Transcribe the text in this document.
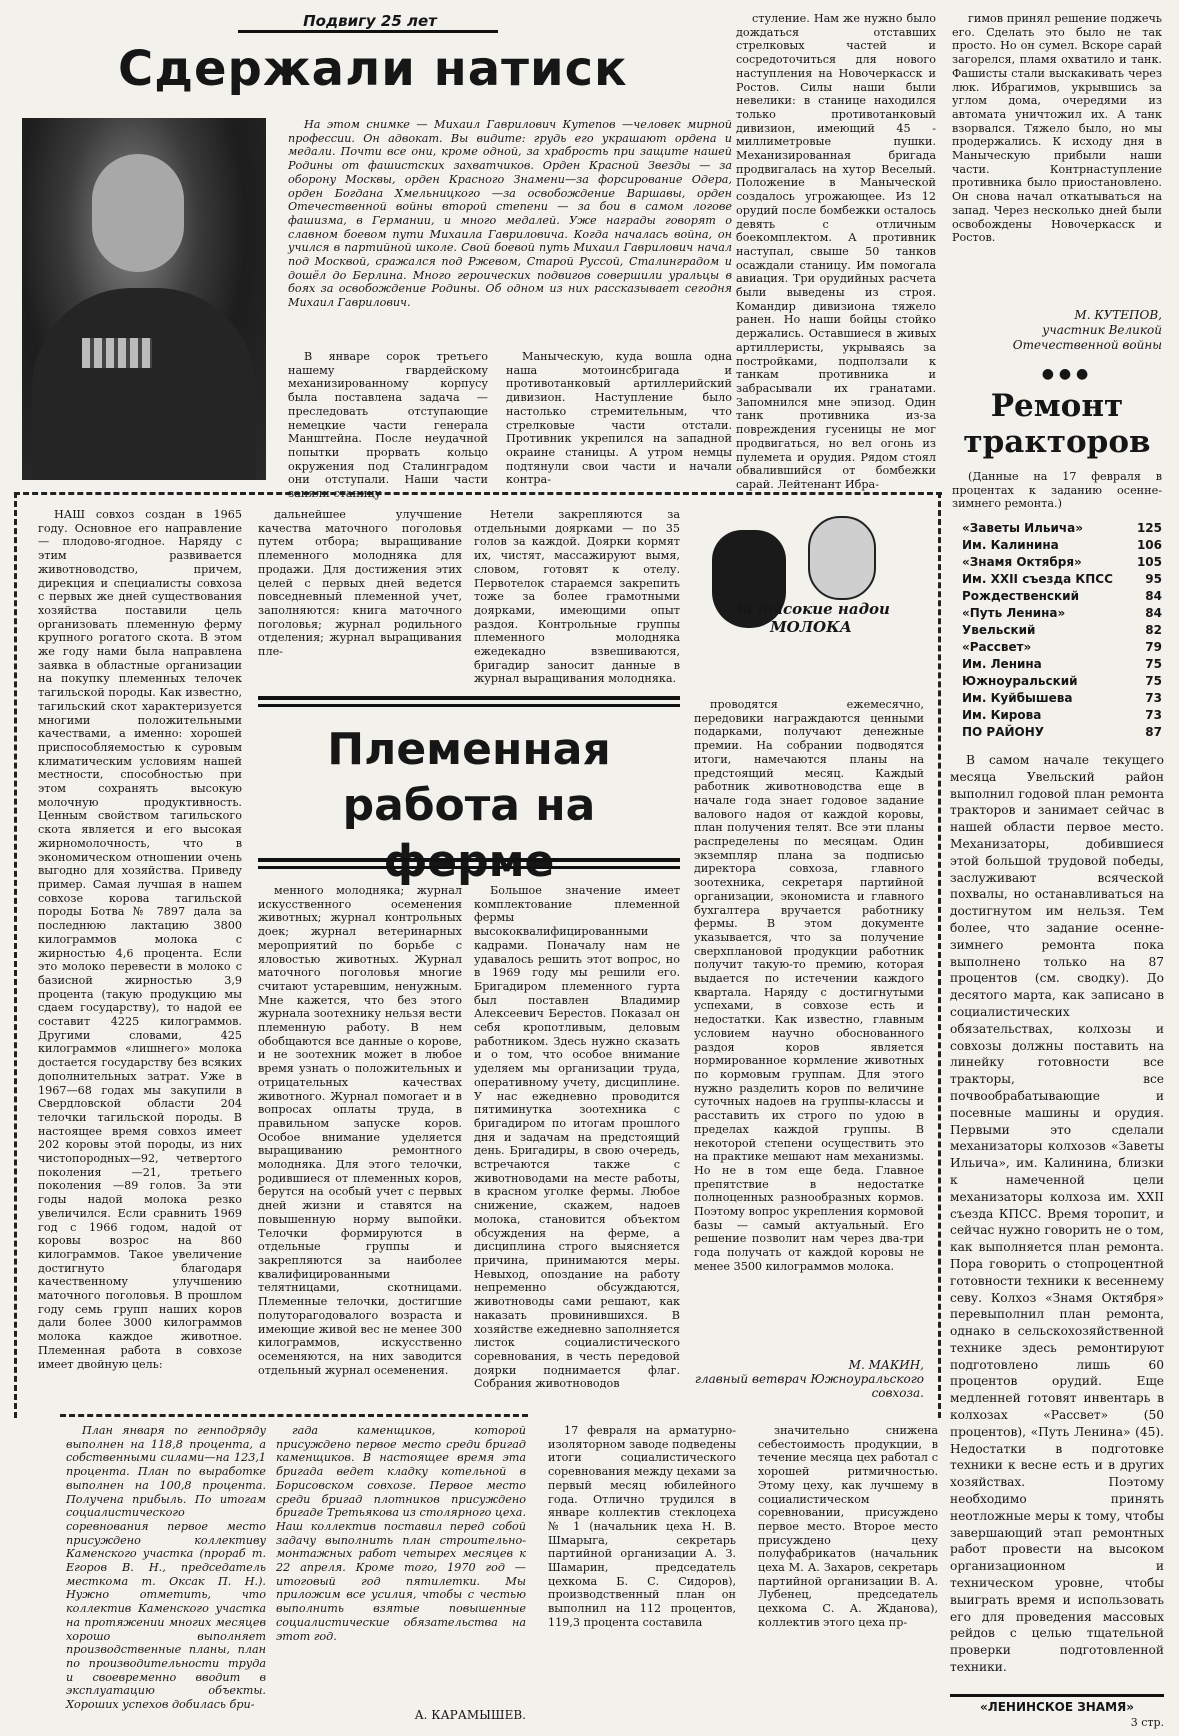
Подвигу 25 лет
Сдержали натиск

На этом снимке — Михаил Гаврилович Кутепов —человек мирной профессии. Он адвокат. Вы видите: грудь его украшают ордена и медали. Почти все они, кроме одной, за храбрость при защите нашей Родины от фашистских захватчиков. Орден Красной Звезды — за оборону Москвы, орден Красного Знамени—за форсирование Одера, орден Богдана Хмельницкого —за освобождение Варшавы, орден Отечественной войны второй степени — за бои в самом логове фашизма, в Германии, и много медалей. Уже награды говорят о славном боевом пути Михаила Гавриловича. Когда началась война, он учился в партийной школе. Свой боевой путь Михаил Гаврилович начал под Москвой, сражался под Ржевом, Старой Руссой, Сталинградом и дошёл до Берлина. Много героических подвигов совершили уральцы в боях за освобождение Родины. Об одном из них рассказывает сегодня Михаил Гаврилович.

В январе сорок третьего нашему гвардейскому механизированному корпусу была поставлена задача — преследовать отступающие немецкие части генерала Манштейна. После неудачной попытки прорвать кольцо окружения под Сталинградом они отступали. Наши части заняли станицу

Маныческую, куда вошла одна наша мотоинсбригада и противотанковый артиллерийский дивизион. Наступление было настолько стремительным, что стрелковые части отстали. Противник укрепился на западной окраине станицы. А утром немцы подтянули свои части и начали контра-

стуление. Нам же нужно было дождаться отставших стрелковых частей и сосредоточиться для нового наступления на Новочеркасск и Ростов. Силы наши были невелики: в станице находился только противотанковый дивизион, имеющий 45 - миллиметровые пушки. Механизированная бригада продвигалась на хутор Веселый. Положение в Маныческой создалось угрожающее. Из 12 орудий после бомбежки осталось девять с отличным боекомплектом. А противник наступал, свыше 50 танков осаждали станицу. Им помогала авиация. Три орудийных расчета были выведены из строя. Командир дивизиона тяжело ранен. Но наши бойцы стойко держались. Оставшиеся в живых артиллеристы, укрываясь за постройками, подползали к танкам противника и забрасывали их гранатами. Запомнился мне эпизод. Один танк противника из-за повреждения гусеницы не мог продвигаться, но вел огонь из пулемета и орудия. Рядом стоял обвалившийся от бомбежки сарай. Лейтенант Ибра-

гимов принял решение поджечь его. Сделать это было не так просто. Но он сумел. Вскоре сарай загорелся, пламя охватило и танк. Фашисты стали выскакивать через люк. Ибрагимов, укрывшись за углом дома, очередями из автомата уничтожил их. А танк взорвался. Тяжело было, но мы продержались. К исходу дня в Маныческую прибыли наши части. Контрнаступление противника было приостановлено. Он снова начал откатываться на запад. Через несколько дней были освобождены Новочеркасск и Ростов.

М. КУТЕПОВ,
участник Великой Отечественной войны
● ● ●
Ремонт тракторов

(Данные на 17 февраля в процентах к заданию осенне-зимнего ремонта.)

«Заветы Ильича»	125
Им. Калинина	106
«Знамя Октября»	105
Им. XXII съезда КПСС	95
Рождественский	84
«Путь Ленина»	84
Увельский	82
«Рассвет»	79
Им. Ленина	75
Южноуральский	75
Им. Куйбышева	73
Им. Кирова	73
ПО РАЙОНУ	87

В самом начале текущего месяца Увельский район выполнил годовой план ремонта тракторов и занимает сейчас в нашей области первое место. Механизаторы, добившиеся этой большой трудовой победы, заслуживают всяческой похвалы, но останавливаться на достигнутом им нельзя. Тем более, что задание осенне-зимнего ремонта пока выполнено только на 87 процентов (см. сводку). До десятого марта, как записано в социалистических обязательствах, колхозы и совхозы должны поставить на линейку готовности все тракторы, все почвообрабатывающие и посевные машины и орудия. Первыми это сделали механизаторы колхозов «Заветы Ильича», им. Калинина, близки к намеченной цели механизаторы колхоза им. XXII съезда КПСС. Время торопит, и сейчас нужно говорить не о том, как выполняется план ремонта. Пора говорить о стопроцентной готовности техники к весеннему севу. Колхоз «Знамя Октября» перевыполнил план ремонта, однако в сельскохозяйственной технике здесь ремонтируют подготовлено лишь 60 процентов орудий. Еще медленней готовят инвентарь в колхозах «Рассвет» (50 процентов), «Путь Ленина» (45). Недостатки в подготовке техники к весне есть и в других хозяйствах. Поэтому необходимо принять неотложные меры к тому, чтобы завершающий этап ремонтных работ провести на высоком организационном и техническом уровне, чтобы выиграть время и использовать его для проведения массовых рейдов с целью тщательной проверки подготовленной техники.

«ЛЕНИНСКОЕ ЗНАМЯ»
3 стр.

НАШ совхоз создан в 1965 году. Основное его направление— плодово-ягодное. Наряду с этим развивается животноводство, причем, дирекция и специалисты совхоза с первых же дней существования хозяйства поставили цель организовать племенную ферму крупного рогатого скота. В этом же году нами была направлена заявка в областные организации на покупку племенных телочек тагильской породы. Как известно, тагильский скот характеризуется многими положительными качествами, а именно: хорошей приспособляемостью к суровым климатическим условиям нашей местности, способностью при этом сохранять высокую молочную продуктивность. Ценным свойством тагильского скота является и его высокая жирномолочность, что в экономическом отношении очень выгодно для хозяйства. Приведу пример. Самая лучшая в нашем совхозе корова тагильской породы Ботва № 7897 дала за последнюю лактацию 3800 килограммов молока с жирностью 4,6 процента. Если это молоко перевести в молоко с базисной жирностью 3,9 процента (такую продукцию мы сдаем государству), то надой ее составит 4225 килограммов. Другими словами, 425 килограммов «лишнего» молока достается государству без всяких дополнительных затрат. Уже в 1967—68 годах мы закупили в Свердловской области 204 телочки тагильской породы. В настоящее время совхоз имеет 202 коровы этой породы, из них чистопородных—92, четвертого поколения —21, третьего поколения —89 голов. За эти годы надой молока резко увеличился. Если сравнить 1969 год с 1966 годом, надой от коровы возрос на 860 килограммов. Такое увеличение достигнуто благодаря качественному улучшению маточного поголовья. В прошлом году семь групп наших коров дали более 3000 килограммов молока каждое животное. Племенная работа в совхозе имеет двойную цель:

дальнейшее улучшение качества маточного поголовья путем отбора; выращивание племенного молодняка для продажи. Для достижения этих целей с первых дней ведется повседневный племенной учет, заполняются: книга маточного поголовья; журнал родильного отделения; журнал выращивания пле-

Нетели закрепляются за отдельными доярками — по 35 голов за каждой. Доярки кормят их, чистят, массажируют вымя, словом, готовят к отелу. Первотелок стараемся закрепить тоже за более грамотными доярками, имеющими опыт раздоя. Контрольные группы племенного молодняка ежедекадно взвешиваются, бригадир заносит данные в журнал выращивания молодняка.

За высокие надои МОЛОКА
Племенная работа на

менного молодняка; журнал искусственного осеменения животных; журнал контрольных доек; журнал ветеринарных мероприятий по борьбе с яловостью животных. Журнал маточного поголовья многие считают устаревшим, ненужным. Мне кажется, что без этого журнала зоотехнику нельзя вести племенную работу. В нем обобщаются все данные о корове, и не зоотехник может в любое время узнать о положительных и отрицательных качествах животного. Журнал помогает и в вопросах оплаты труда, в правильном запуске коров. Особое внимание уделяется выращиванию ремонтного молодняка. Для этого телочки, родившиеся от племенных коров, берутся на особый учет с первых дней жизни и ставятся на повышенную норму выпойки. Телочки формируются в отдельные группы и закрепляются за наиболее квалифицированными телятницами, скотницами. Племенные телочки, достигшие полуторагодовалого возраста и имеющие живой вес не менее 300 килограммов, искусственно осеменяются, на них заводится отдельный журнал осеменения.

Большое значение имеет комплектование племенной фермы высококвалифицированными кадрами. Поначалу нам не удавалось решить этот вопрос, но в 1969 году мы решили его. Бригадиром племенного гурта был поставлен Владимир Алексеевич Берестов. Показал он себя кропотливым, деловым работником. Здесь нужно сказать и о том, что особое внимание уделяем мы организации труда, оперативному учету, дисциплине. У нас ежедневно проводится пятиминутка зоотехника с бригадиром по итогам прошлого дня и задачам на предстоящий день. Бригадиры, в свою очередь, встречаются также с животноводами на месте работы, в красном уголке фермы. Любое снижение, скажем, надоев молока, становится объектом обсуждения на ферме, а дисциплина строго выясняется причина, принимаются меры. Невыход, опоздание на работу непременно обсуждаются, животноводы сами решают, как наказать провинившихся. В хозяйстве ежедневно заполняется листок социалистического соревнования, в честь передовой доярки поднимается флаг. Собрания животноводов

проводятся ежемесячно, передовики награждаются ценными подарками, получают денежные премии. На собрании подводятся итоги, намечаются планы на предстоящий месяц. Каждый работник животноводства еще в начале года знает годовое задание валового надоя от каждой коровы, план получения телят. Все эти планы распределены по месяцам. Один экземпляр плана за подписью директора совхоза, главного зоотехника, секретаря партийной организации, экономиста и главного бухгалтера вручается работнику фермы. В этом документе указывается, что за получение сверхплановой продукции работник получит такую-то премию, которая выдается по истечении каждого квартала. Наряду с достигнутыми успехами, в совхозе есть и недостатки. Как известно, главным условием научно обоснованного раздоя коров является нормированное кормление животных по кормовым группам. Для этого нужно разделить коров по величине суточных надоев на группы-классы и расставить их строго по удою в пределах каждой группы. В некоторой степени осуществить это на практике мешают нам механизмы. Но не в том еще беда. Главное препятствие в недостатке полноценных разнообразных кормов. Поэтому вопрос укрепления кормовой базы — самый актуальный. Его решение позволит нам через два-три года получать от каждой коровы не менее 3500 килограммов молока.

М. МАКИН,
главный ветврач Южноуральского совхоза.

План января по генподряду выполнен на 118,8 процента, а собственными силами—на 123,1 процента. План по выработке выполнен на 100,8 процента. Получена прибыль. По итогам социалистического соревнования первое место присуждено коллективу Каменского участка (прораб т. Егоров В. Н., председатель месткома т. Оксак П. Н.). Нужно отметить, что коллектив Каменского участка на протяжении многих месяцев хорошо выполняет производственные планы, план по производительности труда и своевременно вводит в эксплуатацию объекты. Хороших успехов добилась бри-

гада каменщиков, которой присуждено первое место среди бригад каменщиков. В настоящее время эта бригада ведет кладку котельной в Борисовском совхозе. Первое место среди бригад плотников присуждено бригаде Третьякова из столярного цеха. Наш коллектив поставил перед собой задачу выполнить план строительно-монтажных работ четырех месяцев к 22 апреля. Кроме того, 1970 год — итоговый год пятилетки. Мы приложим все усилия, чтобы с честью выполнить взятые повышенные социалистические обязательства на этот год.

А. КАРАМЫШЕВ.

17 февраля на арматурно-изоляторном заводе подведены итоги социалистического соревнования между цехами за первый месяц юбилейного года. Отлично трудился в январе коллектив стеклоцеха № 1 (начальник цеха Н. В. Шмарыга, секретарь партийной организации А. З. Шамарин, председатель цехкома Б. С. Сидоров), производственный план он выполнил на 112 процентов, 119,3 процента составила

значительно снижена себестоимость продукции, в течение месяца цех работал с хорошей ритмичностью. Этому цеху, как лучшему в социалистическом соревновании, присуждено первое место. Второе место присуждено цеху полуфабрикатов (начальник цеха М. А. Захаров, секретарь партийной организации В. А. Лубенец, председатель цехкома С. А. Жданова), коллектив этого цеха пр-
